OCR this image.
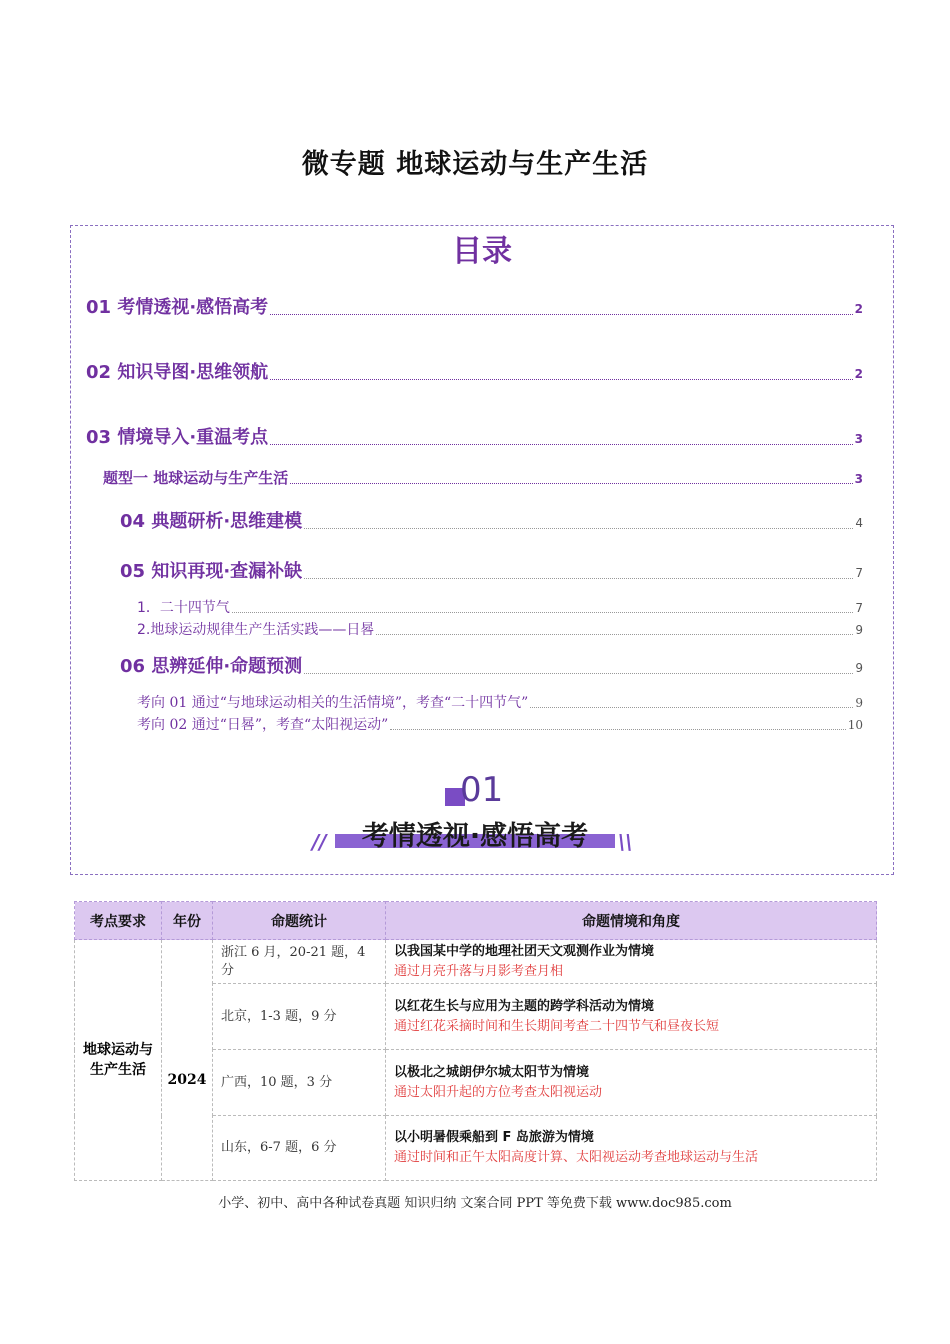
微专题 地球运动与生产生活
目录
01 考情透视·感悟高考	2
02 知识导图·思维领航	2
03 情境导入·重温考点	3
题型一 地球运动与生产生活	3
04 典题研析·思维建模	4
05 知识再现·查漏补缺	7
1．二十四节气	7
2.地球运动规律生产生活实践——日晷	9
06 思辨延伸·命题预测	9
考向 01 通过“与地球运动相关的生活情境”，考查“二十四节气”	9
考向 02 通过“日晷”，考查“太阳视运动”	10
01
//	考情透视·感悟高考	\\
考点要求	年份	命题统计	命题情境和角度
地球运动与生产生活	2024	浙江 6 月，20-21 题，4 分	以我国某中学的地理社团天文观测作业为情境
通过月亮升落与月影考查月相

		北京，1-3 题，9 分	以红花生长与应用为主题的跨学科活动为情境
通过红花采摘时间和生长期间考查二十四节气和昼夜长短

		广西，10 题，3 分	以极北之城朗伊尔城太阳节为情境
通过太阳升起的方位考查太阳视运动

		山东，6-7 题，6 分	以小明暑假乘船到 F 岛旅游为情境
通过时间和正午太阳高度计算、太阳视运动考查地球运动与生活
小学、初中、高中各种试卷真题 知识归纳 文案合同 PPT 等免费下载 www.doc985.com
